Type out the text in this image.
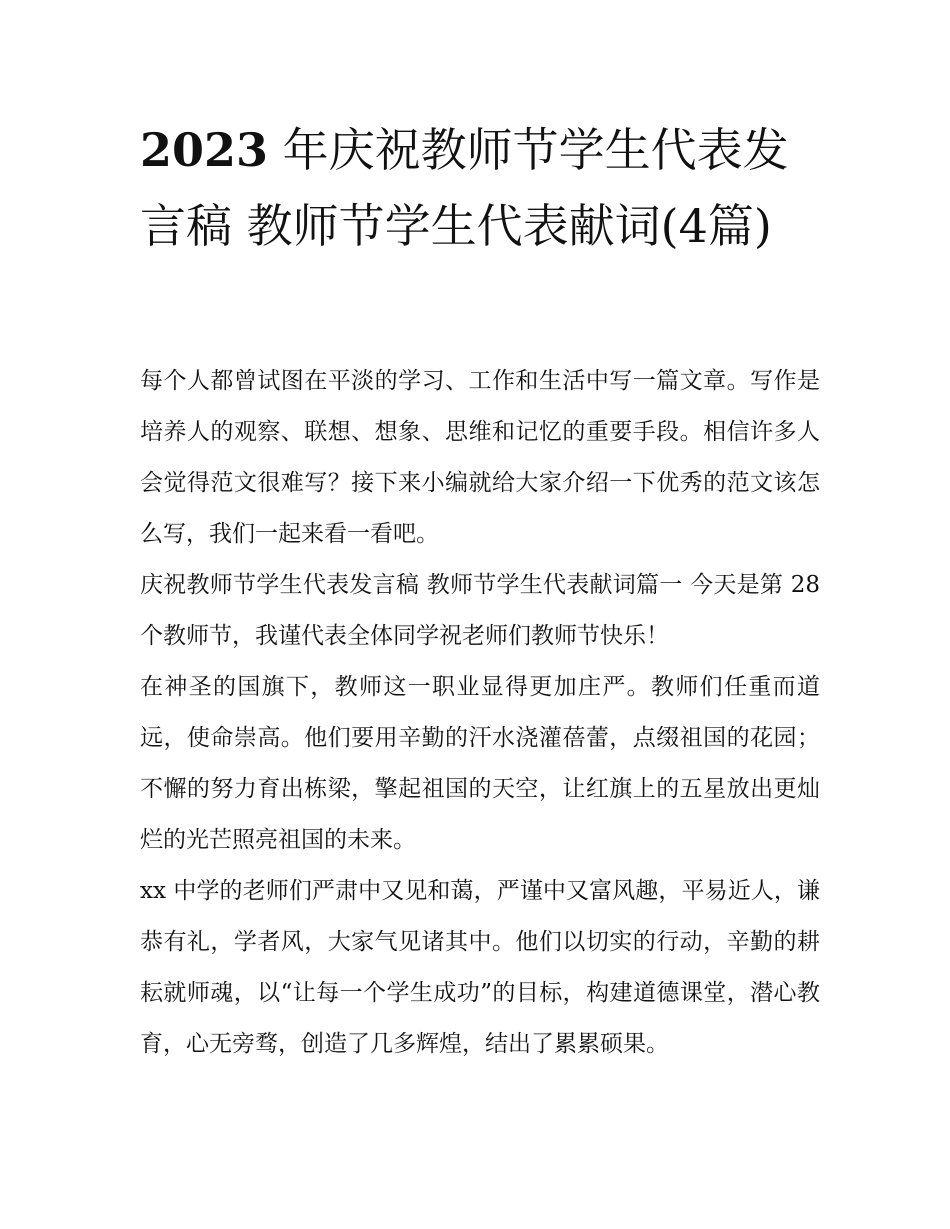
2023 年庆祝教师节学生代表发言稿 教师节学生代表献词(4篇)

每个人都曾试图在平淡的学习、工作和生活中写一篇文章。写作是培养人的观察、联想、想象、思维和记忆的重要手段。相信许多人会觉得范文很难写？接下来小编就给大家介绍一下优秀的范文该怎么写，我们一起来看一看吧。

庆祝教师节学生代表发言稿 教师节学生代表献词篇一 今天是第 28 个教师节，我谨代表全体同学祝老师们教师节快乐！

在神圣的国旗下，教师这一职业显得更加庄严。教师们任重而道远，使命崇高。他们要用辛勤的汗水浇灌蓓蕾，点缀祖国的花园；不懈的努力育出栋梁，擎起祖国的天空，让红旗上的五星放出更灿烂的光芒照亮祖国的未来。

xx 中学的老师们严肃中又见和蔼，严谨中又富风趣，平易近人，谦恭有礼，学者风，大家气见诸其中。他们以切实的行动，辛勤的耕耘就师魂，以“让每一个学生成功”的目标，构建道德课堂，潜心教育，心无旁骛，创造了几多辉煌，结出了累累硕果。
